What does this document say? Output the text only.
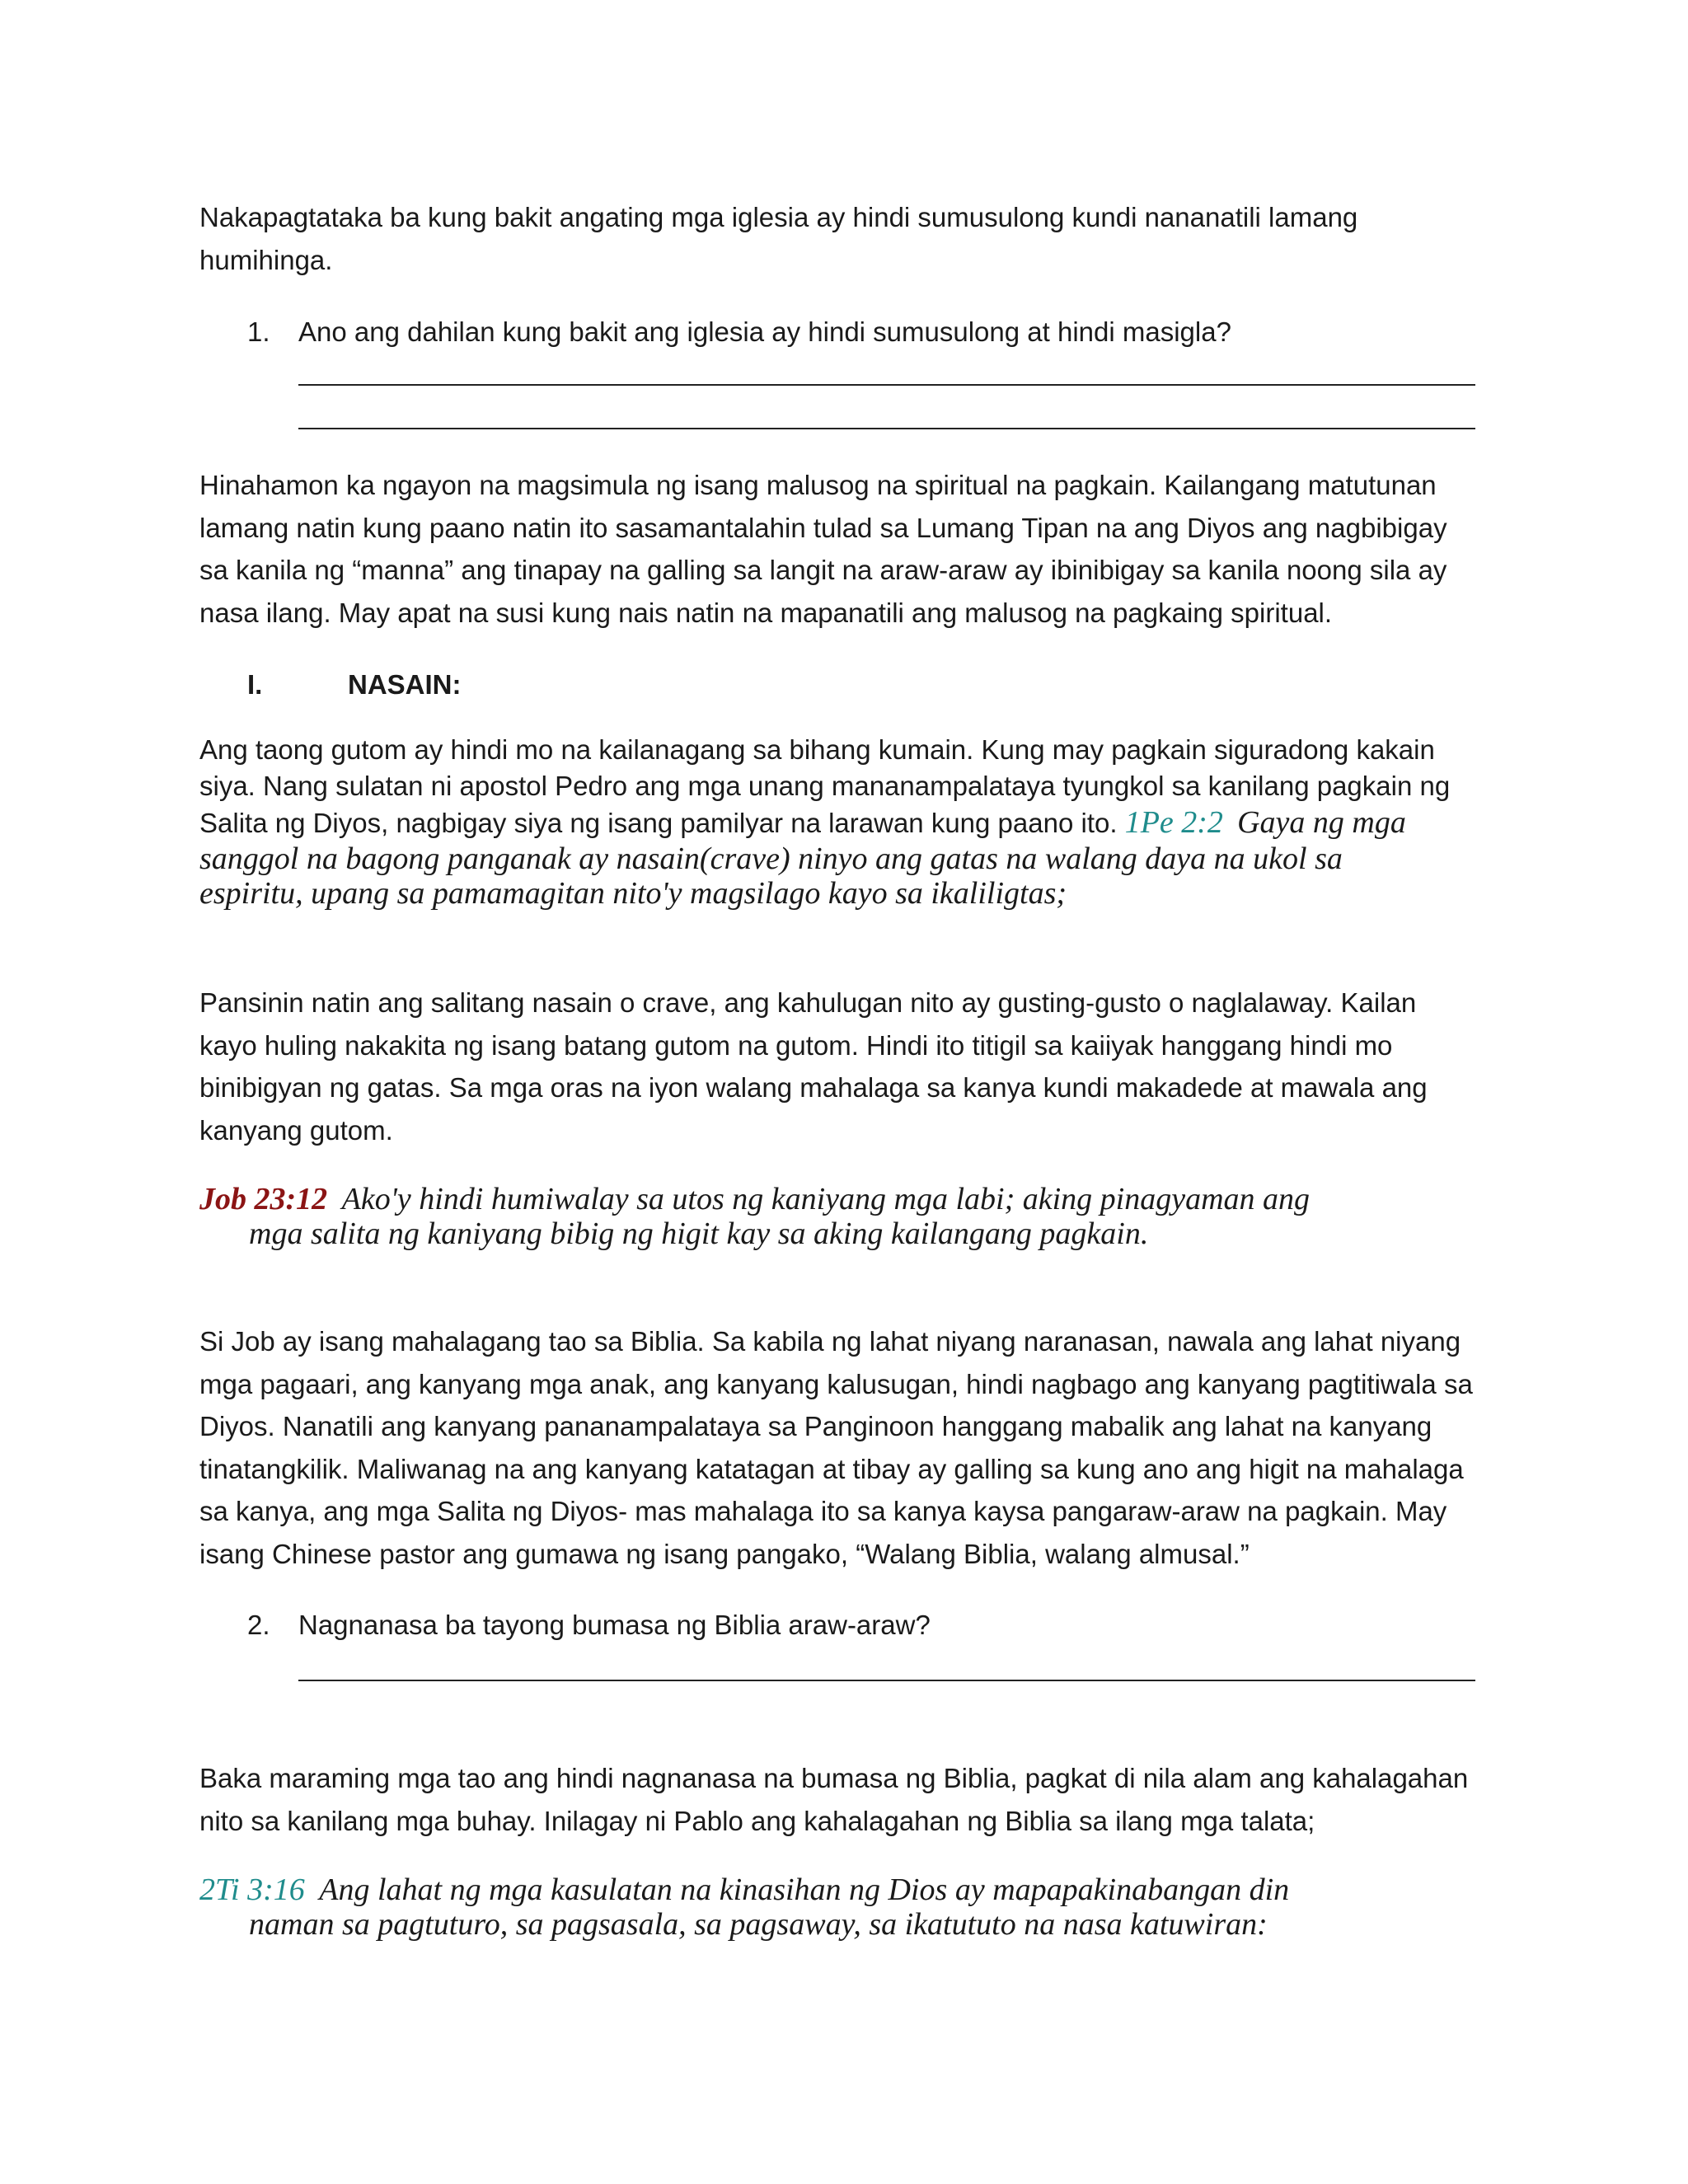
Nakapagtataka ba kung bakit angating mga iglesia ay hindi sumusulong kundi nananatili lamang
humihinga.
1. Ano ang dahilan kung bakit ang iglesia ay hindi sumusulong at hindi masigla?
Hinahamon ka ngayon na magsimula ng isang malusog na spiritual na pagkain. Kailangang matutunan
lamang natin kung paano natin ito sasamantalahin tulad sa Lumang Tipan na ang Diyos ang nagbibigay
sa kanila ng “manna” ang tinapay na galling sa langit na araw-araw ay ibinibigay sa kanila noong sila ay
nasa ilang. May apat na susi kung nais natin na mapanatili ang malusog na pagkaing spiritual.
I.	NASAIN:
Ang taong gutom ay hindi mo na kailanagang sa bihang kumain. Kung may pagkain siguradong kakain
siya. Nang sulatan ni apostol Pedro ang mga unang mananampalataya tyungkol sa kanilang pagkain ng
Salita ng Diyos, nagbigay siya ng isang pamilyar na larawan kung paano ito. 1Pe 2:2 Gaya ng mga
sanggol na bagong panganak ay nasain(crave) ninyo ang gatas na walang daya na ukol sa
espiritu, upang sa pamamagitan nito'y magsilago kayo sa ikaliligtas;
Pansinin natin ang salitang nasain o crave, ang kahulugan nito ay gusting-gusto o naglalaway. Kailan
kayo huling nakakita ng isang batang gutom na gutom. Hindi ito titigil sa kaiiyak hanggang hindi mo
binibigyan ng gatas. Sa mga oras na iyon walang mahalaga sa kanya kundi makadede at mawala ang
kanyang gutom.
Job 23:12 Ako'y hindi humiwalay sa utos ng kaniyang mga labi; aking pinagyaman ang
mga salita ng kaniyang bibig ng higit kay sa aking kailangang pagkain.
Si Job ay isang mahalagang tao sa Biblia. Sa kabila ng lahat niyang naranasan, nawala ang lahat niyang
mga pagaari, ang kanyang mga anak, ang kanyang kalusugan, hindi nagbago ang kanyang pagtitiwala sa
Diyos. Nanatili ang kanyang pananampalataya sa Panginoon hanggang mabalik ang lahat na kanyang
tinatangkilik. Maliwanag na ang kanyang katatagan at tibay ay galling sa kung ano ang higit na mahalaga
sa kanya, ang mga Salita ng Diyos- mas mahalaga ito sa kanya kaysa pangaraw-araw na pagkain. May
isang Chinese pastor ang gumawa ng isang pangako, “Walang Biblia, walang almusal.”
2. Nagnanasa ba tayong bumasa ng Biblia araw-araw?
Baka maraming mga tao ang hindi nagnanasa na bumasa ng Biblia, pagkat di nila alam ang kahalagahan
nito sa kanilang mga buhay. Inilagay ni Pablo ang kahalagahan ng Biblia sa ilang mga talata;
2Ti 3:16 Ang lahat ng mga kasulatan na kinasihan ng Dios ay mapapakinabangan din
naman sa pagtuturo, sa pagsasala, sa pagsaway, sa ikatututo na nasa katuwiran:
